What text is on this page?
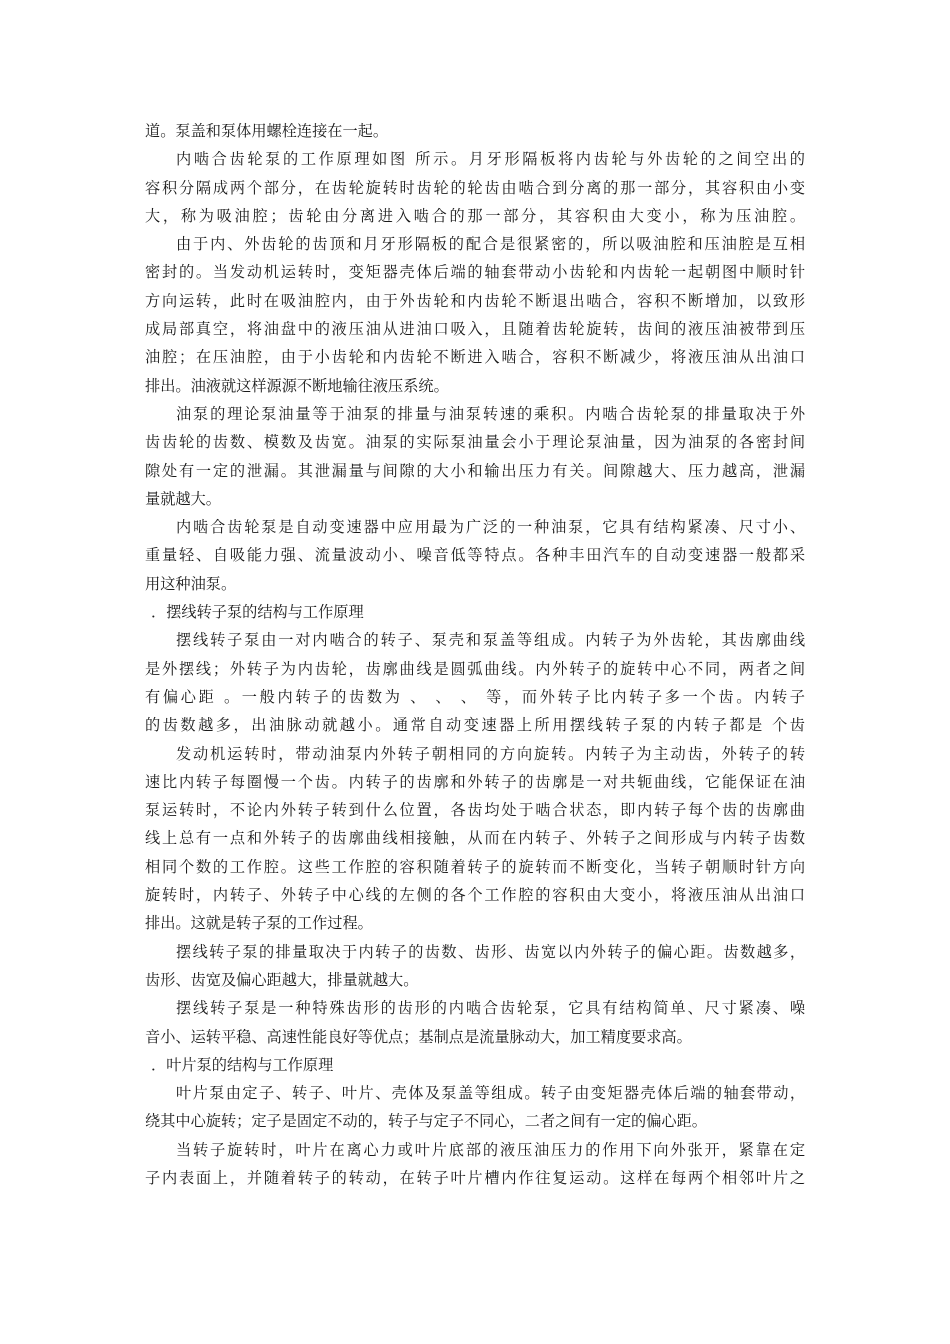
道。泵盖和泵体用螺栓连接在一起。
内啮合齿轮泵的工作原理如图 所示。月牙形隔板将内齿轮与外齿轮的之间空出的
容积分隔成两个部分，在齿轮旋转时齿轮的轮齿由啮合到分离的那一部分，其容积由小变
大，称为吸油腔；齿轮由分离进入啮合的那一部分，其容积由大变小，称为压油腔。
由于内、外齿轮的齿顶和月牙形隔板的配合是很紧密的，所以吸油腔和压油腔是互相
密封的。当发动机运转时，变矩器壳体后端的轴套带动小齿轮和内齿轮一起朝图中顺时针
方向运转，此时在吸油腔内，由于外齿轮和内齿轮不断退出啮合，容积不断增加，以致形
成局部真空，将油盘中的液压油从进油口吸入，且随着齿轮旋转，齿间的液压油被带到压
油腔；在压油腔，由于小齿轮和内齿轮不断进入啮合，容积不断减少，将液压油从出油口
排出。油液就这样源源不断地输往液压系统。
油泵的理论泵油量等于油泵的排量与油泵转速的乘积。内啮合齿轮泵的排量取决于外
齿齿轮的齿数、模数及齿宽。油泵的实际泵油量会小于理论泵油量，因为油泵的各密封间
隙处有一定的泄漏。其泄漏量与间隙的大小和输出压力有关。间隙越大、压力越高，泄漏
量就越大。
内啮合齿轮泵是自动变速器中应用最为广泛的一种油泵，它具有结构紧凑、尺寸小、
重量轻、自吸能力强、流量波动小、噪音低等特点。各种丰田汽车的自动变速器一般都采
用这种油泵。
．摆线转子泵的结构与工作原理
摆线转子泵由一对内啮合的转子、泵壳和泵盖等组成。内转子为外齿轮，其齿廓曲线
是外摆线；外转子为内齿轮，齿廓曲线是圆弧曲线。内外转子的旋转中心不同，两者之间
有偏心距 。一般内转子的齿数为 、 、 、 等，而外转子比内转子多一个齿。内转子
的齿数越多，出油脉动就越小。通常自动变速器上所用摆线转子泵的内转子都是 个齿
发动机运转时，带动油泵内外转子朝相同的方向旋转。内转子为主动齿，外转子的转
速比内转子每圈慢一个齿。内转子的齿廓和外转子的齿廓是一对共轭曲线，它能保证在油
泵运转时，不论内外转子转到什么位置，各齿均处于啮合状态，即内转子每个齿的齿廓曲
线上总有一点和外转子的齿廓曲线相接触，从而在内转子、外转子之间形成与内转子齿数
相同个数的工作腔。这些工作腔的容积随着转子的旋转而不断变化，当转子朝顺时针方向
旋转时，内转子、外转子中心线的左侧的各个工作腔的容积由大变小，将液压油从出油口
排出。这就是转子泵的工作过程。
摆线转子泵的排量取决于内转子的齿数、齿形、齿宽以内外转子的偏心距。齿数越多，
齿形、齿宽及偏心距越大，排量就越大。
摆线转子泵是一种特殊齿形的齿形的内啮合齿轮泵，它具有结构简单、尺寸紧凑、噪
音小、运转平稳、高速性能良好等优点；基制点是流量脉动大，加工精度要求高。
．叶片泵的结构与工作原理
叶片泵由定子、转子、叶片、壳体及泵盖等组成。转子由变矩器壳体后端的轴套带动，
绕其中心旋转；定子是固定不动的，转子与定子不同心，二者之间有一定的偏心距。
当转子旋转时，叶片在离心力或叶片底部的液压油压力的作用下向外张开，紧靠在定
子内表面上，并随着转子的转动，在转子叶片槽内作往复运动。这样在每两个相邻叶片之
